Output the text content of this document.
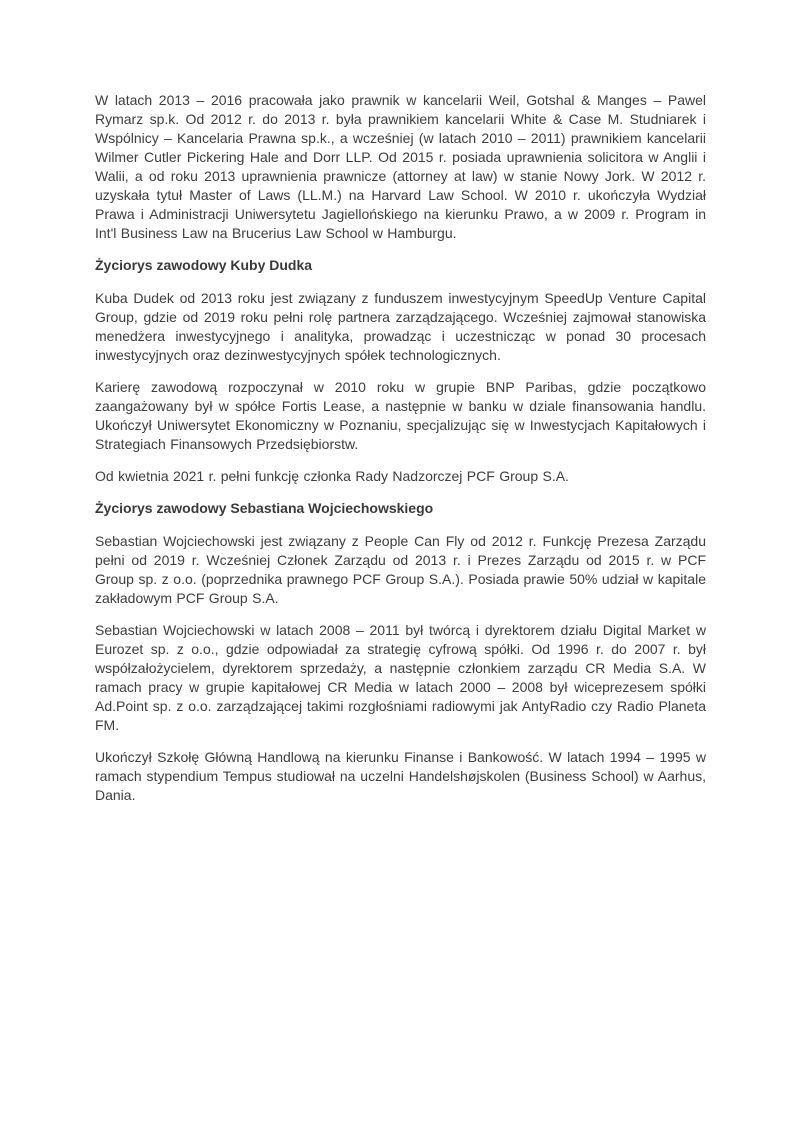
W latach 2013 – 2016 pracowała jako prawnik w kancelarii Weil, Gotshal & Manges – Pawel Rymarz sp.k. Od 2012 r. do 2013 r. była prawnikiem kancelarii White & Case M. Studniarek i Wspólnicy – Kancelaria Prawna sp.k., a wcześniej (w latach 2010 – 2011) prawnikiem kancelarii Wilmer Cutler Pickering Hale and Dorr LLP. Od 2015 r. posiada uprawnienia solicitora w Anglii i Walii, a od roku 2013 uprawnienia prawnicze (attorney at law) w stanie Nowy Jork. W 2012 r. uzyskała tytuł Master of Laws (LL.M.) na Harvard Law School. W 2010 r. ukończyła Wydział Prawa i Administracji Uniwersytetu Jagiellońskiego na kierunku Prawo, a w 2009 r. Program in Int'l Business Law na Brucerius Law School w Hamburgu.

Życiorys zawodowy Kuby Dudka

Kuba Dudek od 2013 roku jest związany z funduszem inwestycyjnym SpeedUp Venture Capital Group, gdzie od 2019 roku pełni rolę partnera zarządzającego. Wcześniej zajmował stanowiska menedżera inwestycyjnego i analityka, prowadząc i uczestnicząc w ponad 30 procesach inwestycyjnych oraz dezinwestycyjnych spółek technologicznych.

Karierę zawodową rozpoczynał w 2010 roku w grupie BNP Paribas, gdzie początkowo zaangażowany był w spółce Fortis Lease, a następnie w banku w dziale finansowania handlu. Ukończył Uniwersytet Ekonomiczny w Poznaniu, specjalizując się w Inwestycjach Kapitałowych i Strategiach Finansowych Przedsiębiorstw.

Od kwietnia 2021 r. pełni funkcję członka Rady Nadzorczej PCF Group S.A.

Życiorys zawodowy Sebastiana Wojciechowskiego

Sebastian Wojciechowski jest związany z People Can Fly od 2012 r. Funkcję Prezesa Zarządu pełni od 2019 r. Wcześniej Członek Zarządu od 2013 r. i Prezes Zarządu od 2015 r. w PCF Group sp. z o.o. (poprzednika prawnego PCF Group S.A.). Posiada prawie 50% udział w kapitale zakładowym PCF Group S.A.

Sebastian Wojciechowski w latach 2008 – 2011 był twórcą i dyrektorem działu Digital Market w Eurozet sp. z o.o., gdzie odpowiadał za strategię cyfrową spółki. Od 1996 r. do 2007 r. był współzałożycielem, dyrektorem sprzedaży, a następnie członkiem zarządu CR Media S.A. W ramach pracy w grupie kapitałowej CR Media w latach 2000 – 2008 był wiceprezesem spółki Ad.Point sp. z o.o. zarządzającej takimi rozgłośniami radiowymi jak AntyRadio czy Radio Planeta FM.

Ukończył Szkołę Główną Handlową na kierunku Finanse i Bankowość. W latach 1994 – 1995 w ramach stypendium Tempus studiował na uczelni Handelshøjskolen (Business School) w Aarhus, Dania.
